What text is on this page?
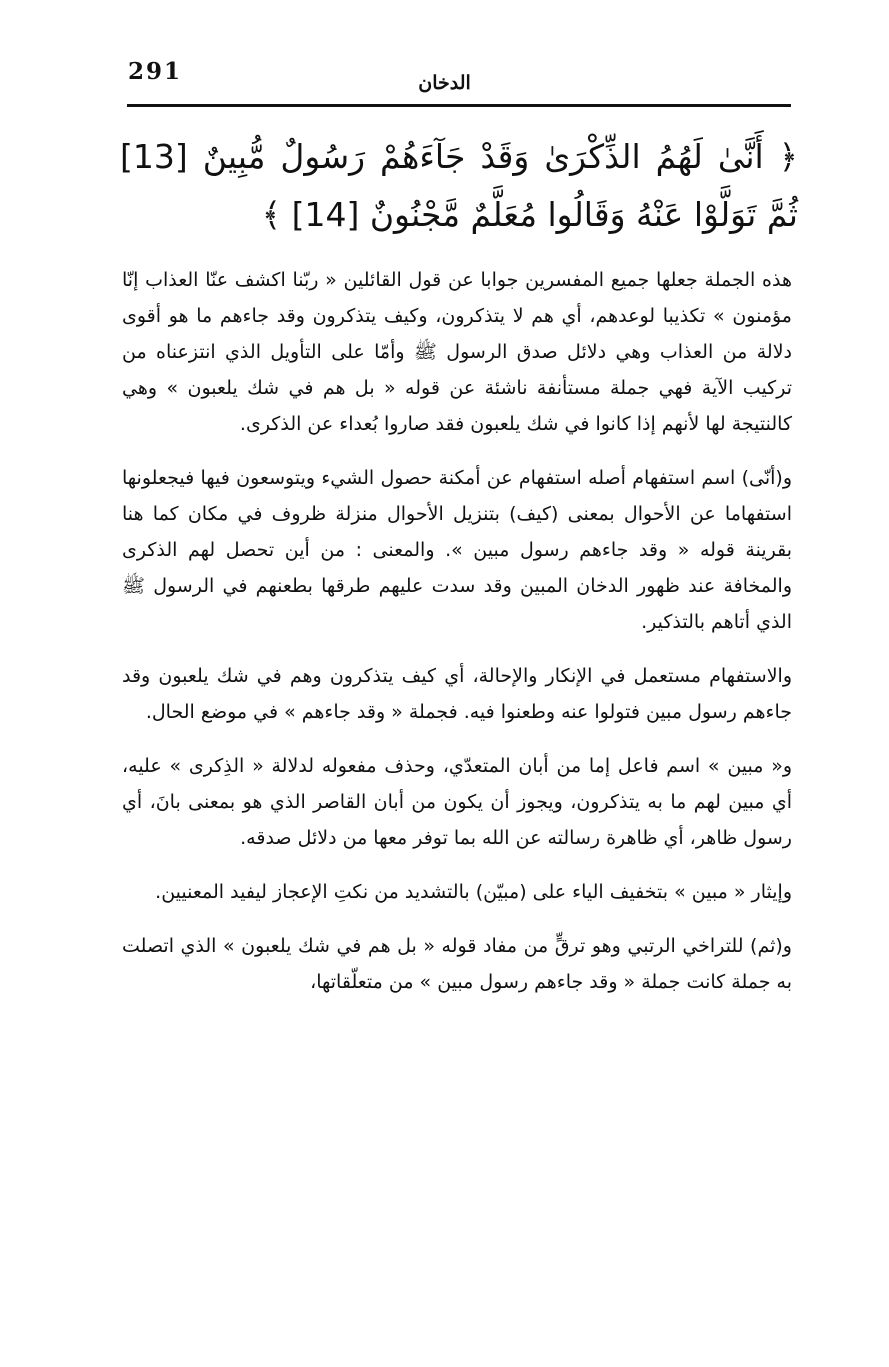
291	الدخان
﴿ أَنَّىٰ لَهُمُ الذِّكْرَىٰ وَقَدْ جَآءَهُمْ رَسُولٌ مُّبِينٌ [13] ثُمَّ تَوَلَّوْا عَنْهُ وَقَالُوا مُعَلَّمٌ مَّجْنُونٌ [14] ﴾

هذه الجملة جعلها جميع المفسرين جوابا عن قول القائلين « ربّنا اكشف عنّا العذاب إنّا مؤمنون » تكذيبا لوعدهم، أي هم لا يتذكرون، وكيف يتذكرون وقد جاءهم ما هو أقوى دلالة من العذاب وهي دلائل صدق الرسول ﷺ وأمّا على التأويل الذي انتزعناه من تركيب الآية فهي جملة مستأنفة ناشئة عن قوله « بل هم في شك يلعبون » وهي كالنتيجة لها لأنهم إذا كانوا في شك يلعبون فقد صاروا بُعداء عن الذكرى.

و(أنّى) اسم استفهام أصله استفهام عن أمكنة حصول الشيء ويتوسعون فيها فيجعلونها استفهاما عن الأحوال بمعنى (كيف) بتنزيل الأحوال منزلة ظروف في مكان كما هنا بقرينة قوله « وقد جاءهم رسول مبين ». والمعنى : من أين تحصل لهم الذكرى والمخافة عند ظهور الدخان المبين وقد سدت عليهم طرقها بطعنهم في الرسول ﷺ الذي أتاهم بالتذكير.

والاستفهام مستعمل في الإنكار والإحالة، أي كيف يتذكرون وهم في شك يلعبون وقد جاءهم رسول مبين فتولوا عنه وطعنوا فيه. فجملة « وقد جاءهم » في موضع الحال.

و« مبين » اسم فاعل إما من أبان المتعدّي، وحذف مفعوله لدلالة « الذِكرى » عليه، أي مبين لهم ما به يتذكرون، ويجوز أن يكون من أبان القاصر الذي هو بمعنى بانَ، أي رسول ظاهر، أي ظاهرة رسالته عن الله بما توفر معها من دلائل صدقه.

وإيثار « مبين » بتخفيف الياء على (مبيّن) بالتشديد من نكتِ الإعجاز ليفيد المعنيين.

و(ثم) للتراخي الرتبي وهو ترقٍّ من مفاد قوله « بل هم في شك يلعبون » الذي اتصلت به جملة كانت جملة « وقد جاءهم رسول مبين » من متعلّقاتها،
